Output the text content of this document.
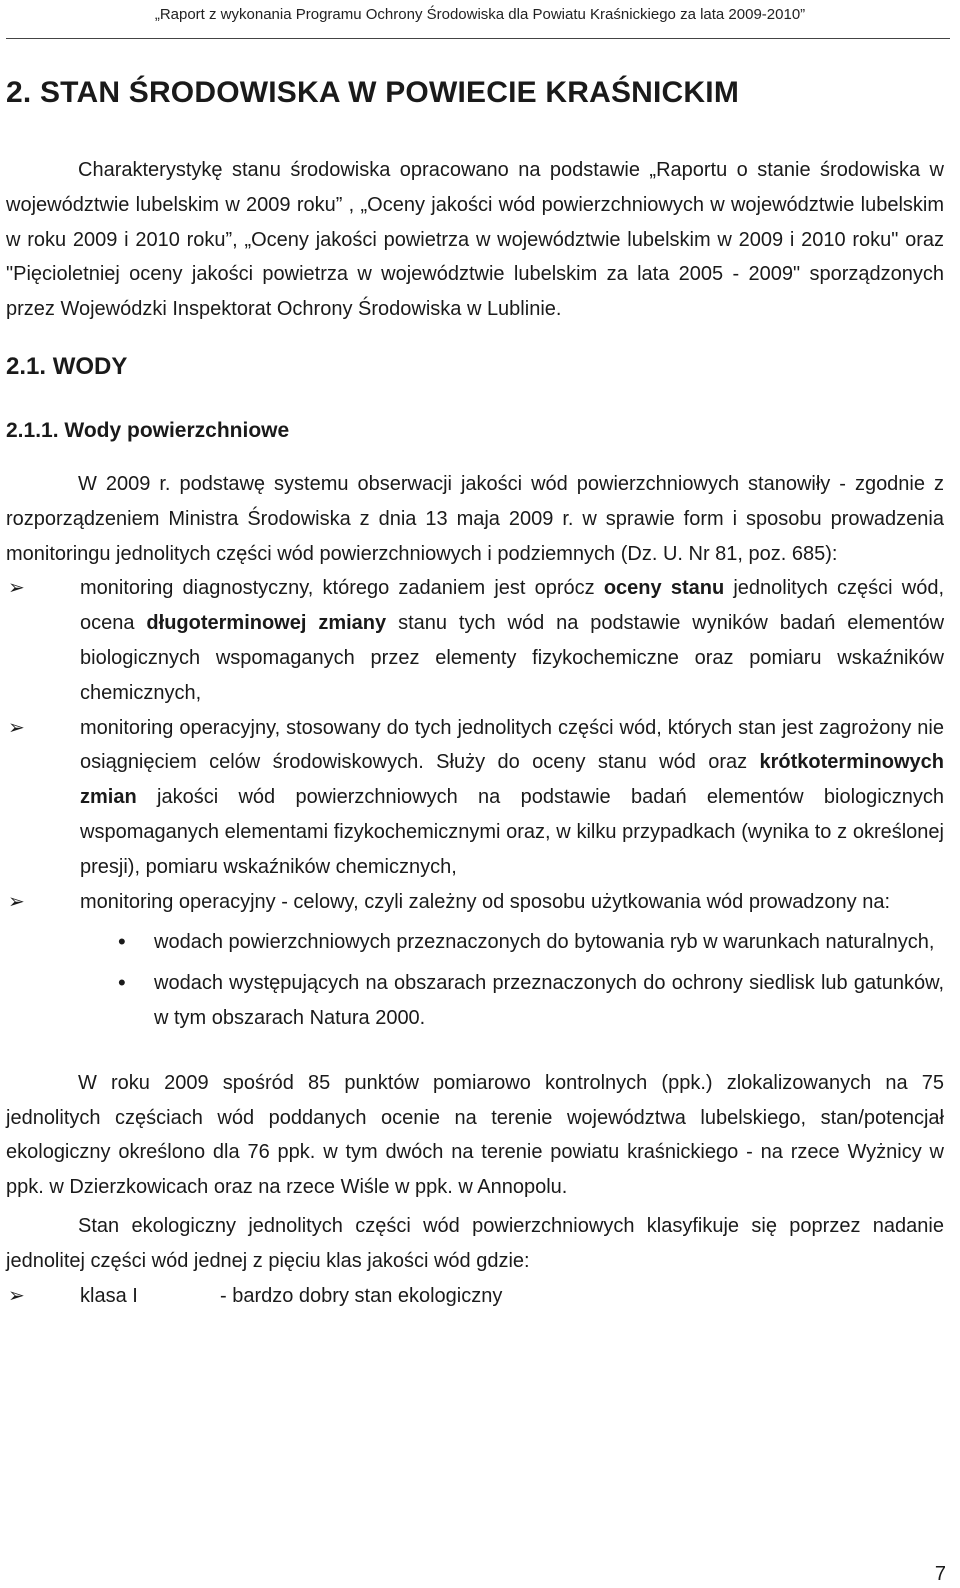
„Raport z wykonania Programu Ochrony Środowiska dla Powiatu Kraśnickiego za lata 2009-2010”
2. STAN ŚRODOWISKA W POWIECIE KRAŚNICKIM

Charakterystykę stanu środowiska opracowano na podstawie „Raportu o stanie środowiska w województwie lubelskim w 2009 roku” , „Oceny jakości wód powierzchniowych w województwie lubelskim w roku 2009 i 2010 roku”, „Oceny jakości powietrza w województwie lubelskim w 2009 i 2010 roku" oraz "Pięcioletniej oceny jakości powietrza w województwie lubelskim za lata 2005 - 2009" sporządzonych przez Wojewódzki Inspektorat Ochrony Środowiska w Lublinie.

2.1. WODY
2.1.1. Wody powierzchniowe

W 2009 r. podstawę systemu obserwacji jakości wód powierzchniowych stanowiły - zgodnie z rozporządzeniem Ministra Środowiska z dnia 13 maja 2009 r. w sprawie form i sposobu prowadzenia monitoringu jednolitych części wód powierzchniowych i podziemnych (Dz. U. Nr 81, poz. 685):

➢	monitoring diagnostyczny, którego zadaniem jest oprócz oceny stanu jednolitych części wód, ocena długoterminowej zmiany stanu tych wód na podstawie wyników badań elementów biologicznych wspomaganych przez elementy fizykochemiczne oraz pomiaru wskaźników chemicznych,
➢	monitoring operacyjny, stosowany do tych jednolitych części wód, których stan jest zagrożony nie osiągnięciem celów środowiskowych. Służy do oceny stanu wód oraz krótkoterminowych zmian jakości wód powierzchniowych na podstawie badań elementów biologicznych wspomaganych elementami fizykochemicznymi oraz, w kilku przypadkach (wynika to z określonej presji), pomiaru wskaźników chemicznych,
➢	monitoring operacyjny - celowy, czyli zależny od sposobu użytkowania wód prowadzony na:
• wodach powierzchniowych przeznaczonych do bytowania ryb w warunkach naturalnych,
• wodach występujących na obszarach przeznaczonych do ochrony siedlisk lub gatunków, w tym obszarach Natura 2000.

W roku 2009 spośród 85 punktów pomiarowo kontrolnych (ppk.) zlokalizowanych na 75 jednolitych częściach wód poddanych ocenie na terenie województwa lubelskiego, stan/potencjał ekologiczny określono dla 76 ppk. w tym dwóch na terenie powiatu kraśnickiego - na rzece Wyżnicy w ppk. w Dzierzkowicach oraz na rzece Wiśle w ppk. w Annopolu.

Stan ekologiczny jednolitych części wód powierzchniowych klasyfikuje się poprzez nadanie jednolitej części wód jednej z pięciu klas jakości wód gdzie:

➢	klasa I	- bardzo dobry stan ekologiczny
7
